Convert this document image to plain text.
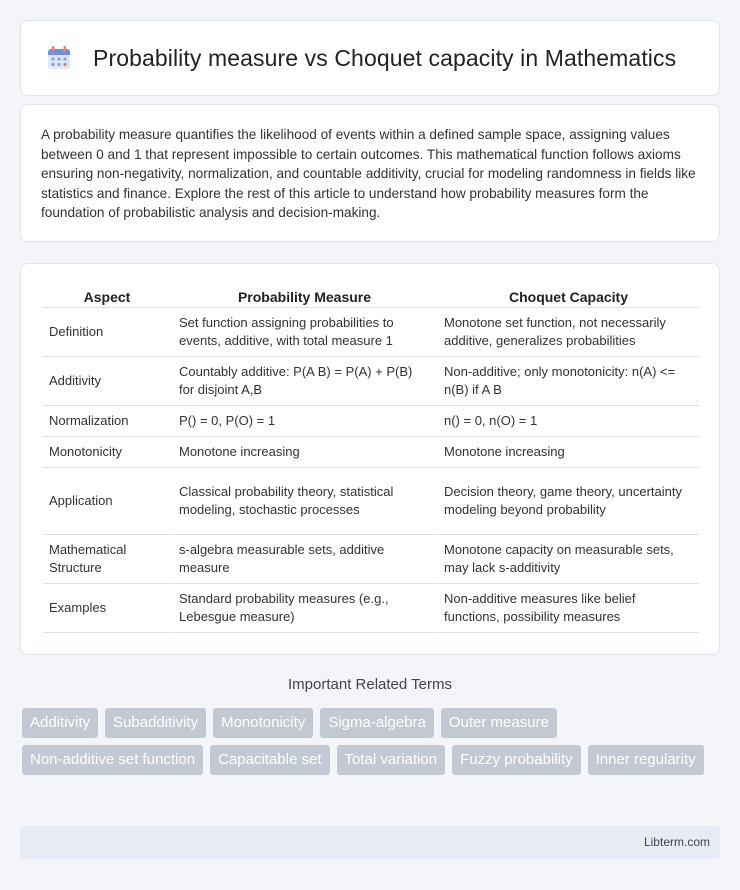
Probability measure vs Choquet capacity in Mathematics

A probability measure quantifies the likelihood of events within a defined sample space, assigning values between 0 and 1 that represent impossible to certain outcomes. This mathematical function follows axioms ensuring non-negativity, normalization, and countable additivity, crucial for modeling randomness in fields like statistics and finance. Explore the rest of this article to understand how probability measures form the foundation of probabilistic analysis and decision-making.

Aspect	Probability Measure	Choquet Capacity
Definition	Set function assigning probabilities to events, additive, with total measure 1	Monotone set function, not necessarily additive, generalizes probabilities
Additivity	Countably additive: P(A B) = P(A) + P(B) for disjoint A,B	Non-additive; only monotonicity: n(A) <= n(B) if A B
Normalization	P() = 0, P(O) = 1	n() = 0, n(O) = 1
Monotonicity	Monotone increasing	Monotone increasing
Application	Classical probability theory, statistical modeling, stochastic processes	Decision theory, game theory, uncertainty modeling beyond probability
Mathematical Structure	s-algebra measurable sets, additive measure	Monotone capacity on measurable sets, may lack s-additivity
Examples	Standard probability measures (e.g., Lebesgue measure)	Non-additive measures like belief functions, possibility measures
Important Related Terms
Additivity	Subadditivity	Monotonicity	Sigma-algebra	Outer measure
Non-additive set function	Capacitable set	Total variation	Fuzzy probability	Inner regularity
Libterm.com
